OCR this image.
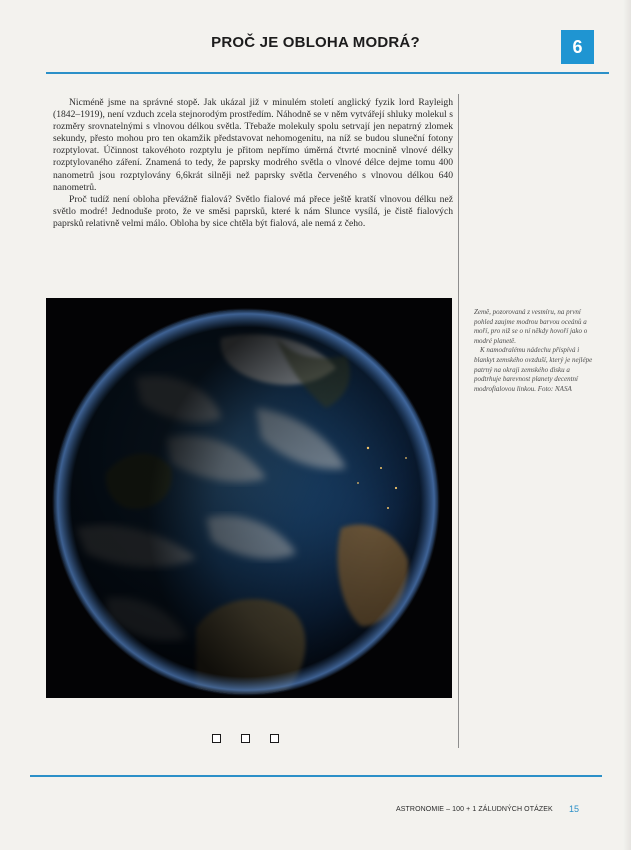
PROČ JE OBLOHA MODRÁ?	6

Nicméně jsme na správné stopě. Jak ukázal již v minulém století anglický fyzik lord Rayleigh (1842–1919), není vzduch zcela stejnorodým prostředím. Náhodně se v něm vytvářejí shluky molekul s rozměry srovnatelnými s vlnovou délkou světla. Třebaže molekuly spolu setrvají jen nepatrný zlomek sekundy, přesto mohou pro ten okamžik představovat nehomogenitu, na níž se budou sluneční fotony rozptylovat. Účinnost takovéhoto rozptylu je přitom nepřímo úměrná čtvrté mocnině vlnové délky rozptylovaného záření. Znamená to tedy, že paprsky modrého světla o vlnové délce dejme tomu 400 nanometrů jsou rozptylovány 6,6krát silněji než paprsky světla červeného s vlnovou délkou 640 nanometrů.

Proč tudíž není obloha převážně fialová? Světlo fialové má přece ještě kratší vlnovou délku než světlo modré! Jednoduše proto, že ve směsi paprsků, které k nám Slunce vysílá, je čistě fialových paprsků relativně velmi málo. Obloha by sice chtěla být fialová, ale nemá z čeho.

Země, pozorovaná z vesmíru, na první pohled zaujme modrou barvou oceánů a moří, pro niž se o ní někdy hovoří jako o modré planetě.

K namodralému nádechu přispívá i blankyt zemského ovzduší, který je nejlépe patrný na okraji zemského disku a podtrhuje barevnost planety decentní modrofialovou linkou. Foto: NASA

ASTRONOMIE – 100 + 1 ZÁLUDNÝCH OTÁZEK 15
